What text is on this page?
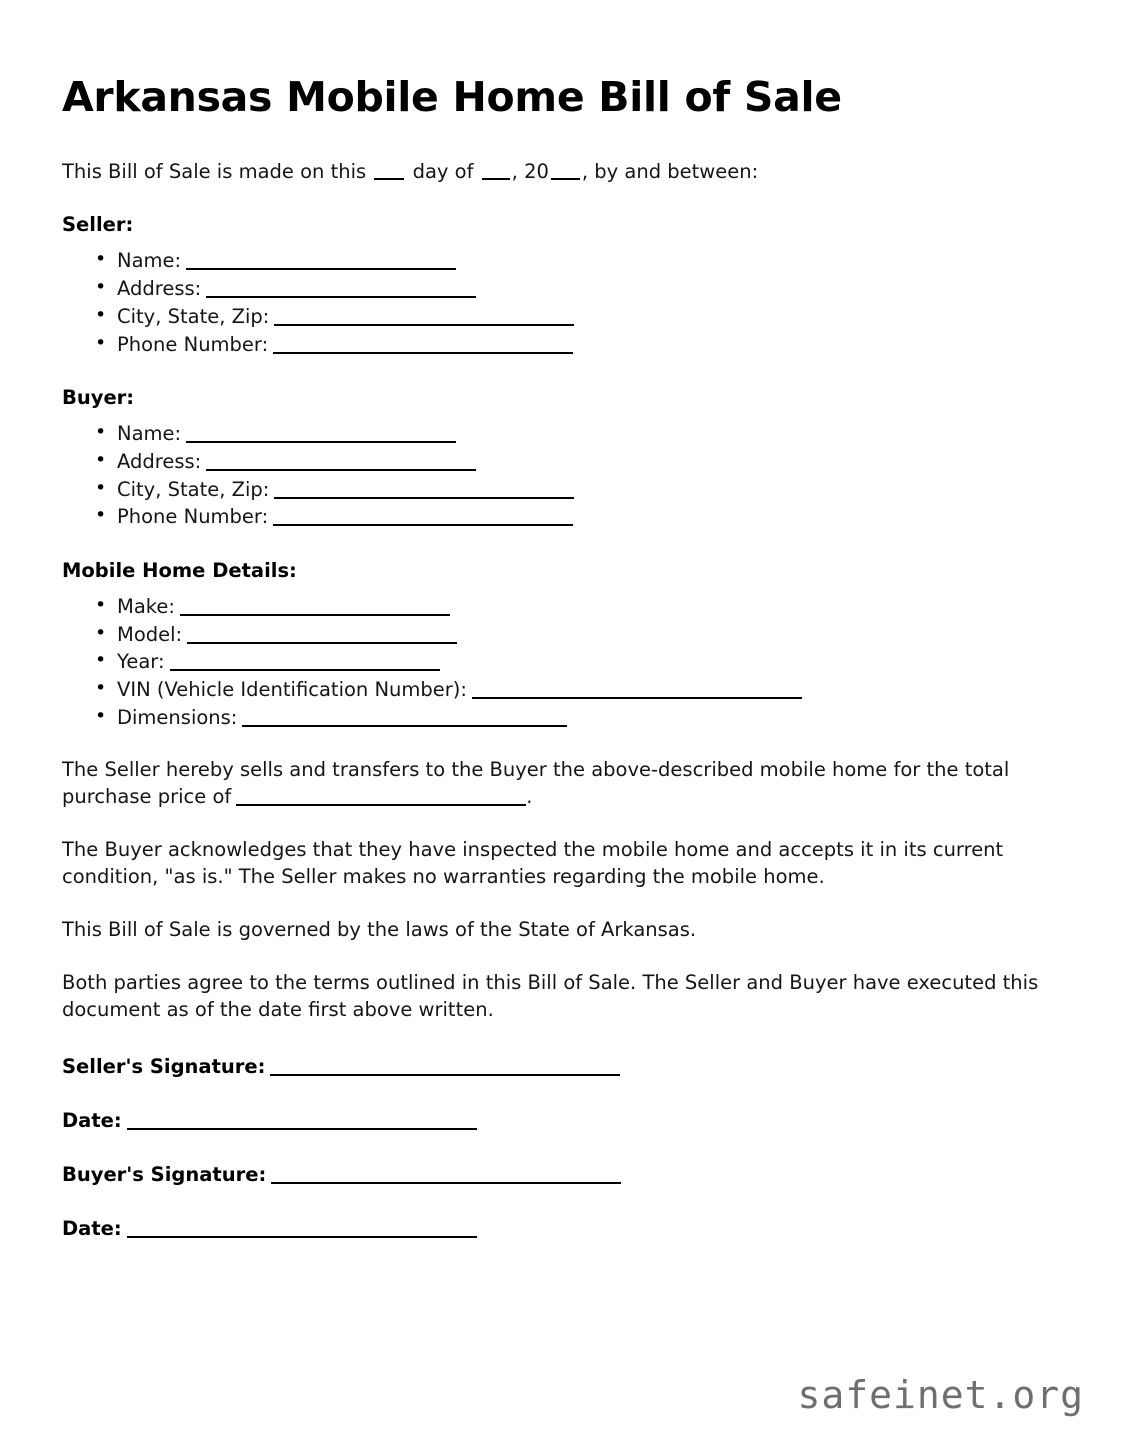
Arkansas Mobile Home Bill of Sale

This Bill of Sale is made on this day of , 20 , by and between:

Seller:
• Name:
• Address:
• City, State, Zip:
• Phone Number:
Buyer:
• Name:
• Address:
• City, State, Zip:
• Phone Number:
Mobile Home Details:
• Make:
• Model:
• Year:
• VIN (Vehicle Identification Number):
• Dimensions:

The Seller hereby sells and transfers to the Buyer the above-described mobile home for the total purchase price of	.

The Buyer acknowledges that they have inspected the mobile home and accepts it in its current condition, "as is." The Seller makes no warranties regarding the mobile home.

This Bill of Sale is governed by the laws of the State of Arkansas.

Both parties agree to the terms outlined in this Bill of Sale. The Seller and Buyer have executed this document as of the date first above written.

Seller's Signature:
Date:
Buyer's Signature:
Date:
safeinet.org
